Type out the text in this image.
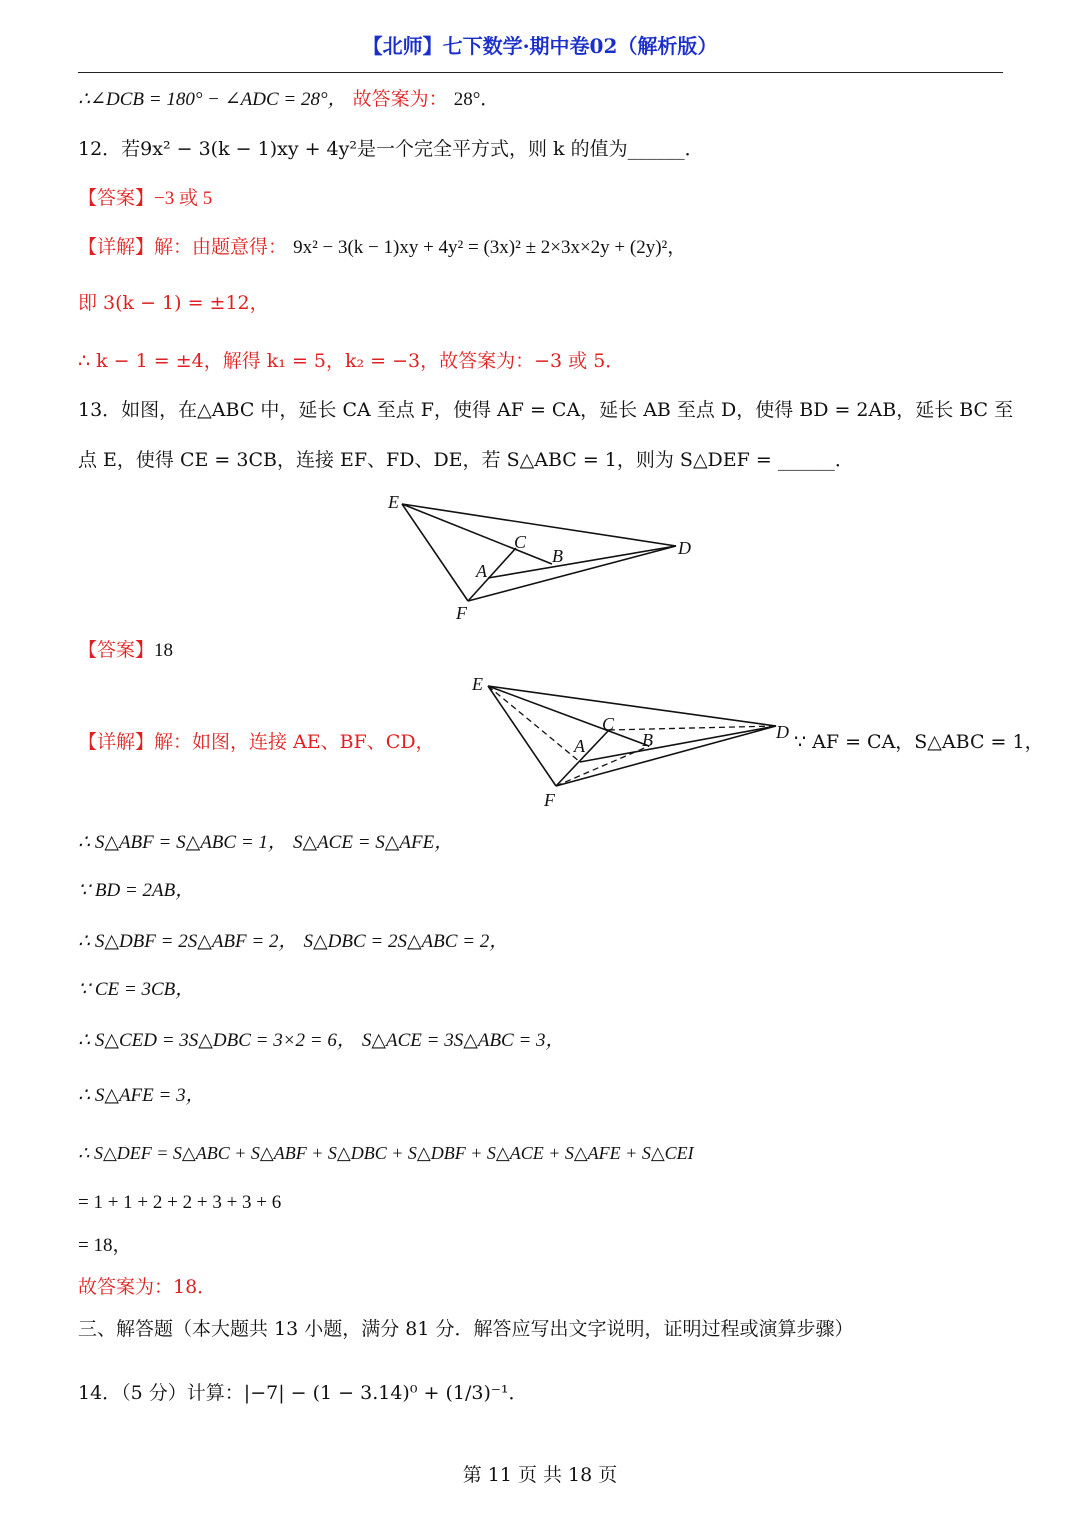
【北师】七下数学·期中卷02（解析版）
∴∠DCB = 180° − ∠ADC = 28°， 故答案为： 28°．
12．若9x² − 3(k − 1)xy + 4y²是一个完全平方式，则 k 的值为______．
【答案】−3 或 5
【详解】解：由题意得： 9x² − 3(k − 1)xy + 4y² = (3x)² ± 2×3x×2y + (2y)²，
即 3(k − 1) = ±12，
∴ k − 1 = ±4，解得 k₁ = 5，k₂ = −3，故答案为：−3 或 5．
13．如图，在△ABC 中，延长 CA 至点 F，使得 AF = CA，延长 AB 至点 D，使得 BD = 2AB，延长 BC 至
点 E，使得 CE = 3CB，连接 EF、FD、DE，若 S△ABC = 1，则为 S△DEF = ______．
E
C
B
A
D
F
【答案】18
【详解】解：如图，连接 AE、BF、CD，
E
C
B
A
D
F
∵ AF = CA，S△ABC = 1，
∴ S△ABF = S△ABC = 1， S△ACE = S△AFE，
∵ BD = 2AB，
∴ S△DBF = 2S△ABF = 2， S△DBC = 2S△ABC = 2，
∵ CE = 3CB，
∴ S△CED = 3S△DBC = 3×2 = 6， S△ACE = 3S△ABC = 3，
∴ S△AFE = 3，
∴ S△DEF = S△ABC + S△ABF + S△DBC + S△DBF + S△ACE + S△AFE + S△CEI
= 1 + 1 + 2 + 2 + 3 + 3 + 6
= 18，
故答案为：18．
三、解答题（本大题共 13 小题，满分 81 分．解答应写出文字说明，证明过程或演算步骤）
14．（5 分）计算：|−7| − (1 − 3.14)⁰ + (1/3)⁻¹．
第 11 页 共 18 页
